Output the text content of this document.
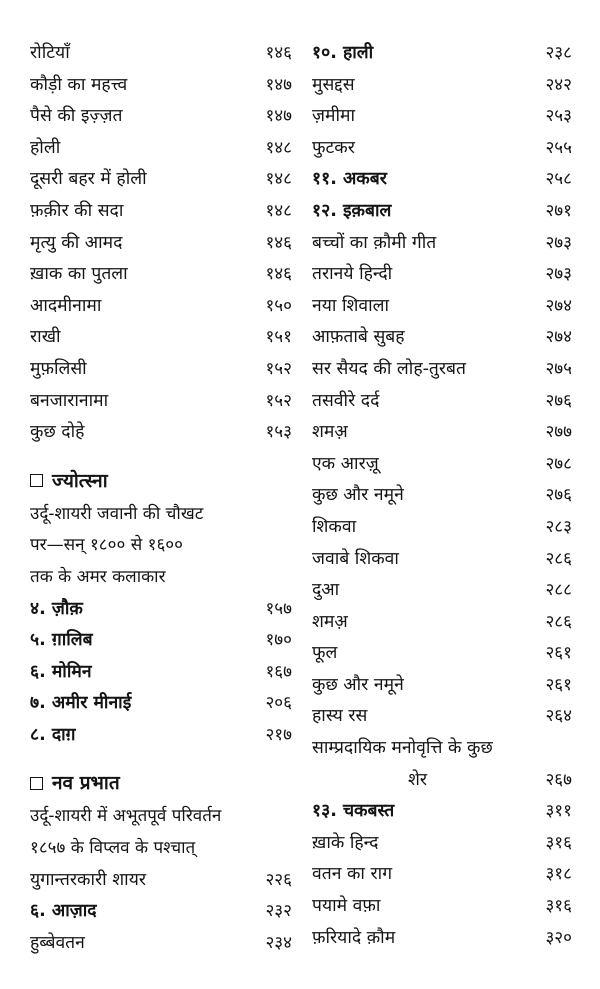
रोटियाँ	१४६
कौड़ी का महत्त्व	१४७
पैसे की इज़्ज़त	१४७
होली	१४८
दूसरी बहर में होली	१४८
फ़क़ीर की सदा	१४८
मृत्यु की आमद	१४६
ख़ाक का पुतला	१४६
आदमीनामा	१५०
राखी	१५१
मुफ़लिसी	१५२
बनजारानामा	१५२
कुछ दोहे	१५३
ज्योत्स्ना
उर्दू-शायरी जवानी की चौखट
पर—सन् १८०० से १६००
तक के अमर कलाकार
४. ज़ौक़	१५७
५. ग़ालिब	१७०
६. मोमिन	१६७
७. अमीर मीनाई	२०६
८. दाग़	२१७
नव प्रभात
उर्दू-शायरी में अभूतपूर्व परिवर्तन
१८५७ के विप्लव के पश्चात्
युगान्तरकारी शायर	२२६
६. आज़ाद	२३२
हुब्बेवतन	२३४
१०. हाली	२३८
मुसद्दस	२४२
ज़मीमा	२५३
फुटकर	२५५
११. अकबर	२५८
१२. इक़बाल	२७१
बच्चों का क़ौमी गीत	२७३
तरानये हिन्दी	२७३
नया शिवाला	२७४
आफ़ताबे सुबह	२७४
सर सैयद की लोह-तुरबत	२७५
तसवीरे दर्द	२७६
शमअ़	२७७
एक आरज़ू	२७८
कुछ और नमूने	२७६
शिकवा	२८३
जवाबे शिकवा	२८६
दुआ	२८८
शमअ़	२८६
फूल	२६१
कुछ और नमूने	२६१
हास्य रस	२६४
साम्प्रदायिक मनोवृत्ति के कुछ
शेर	२६७
१३. चकबस्त	३११
ख़ाके हिन्द	३१६
वतन का राग	३१८
पयामे वफ़ा	३१६
फ़रियादे क़ौम	३२०
